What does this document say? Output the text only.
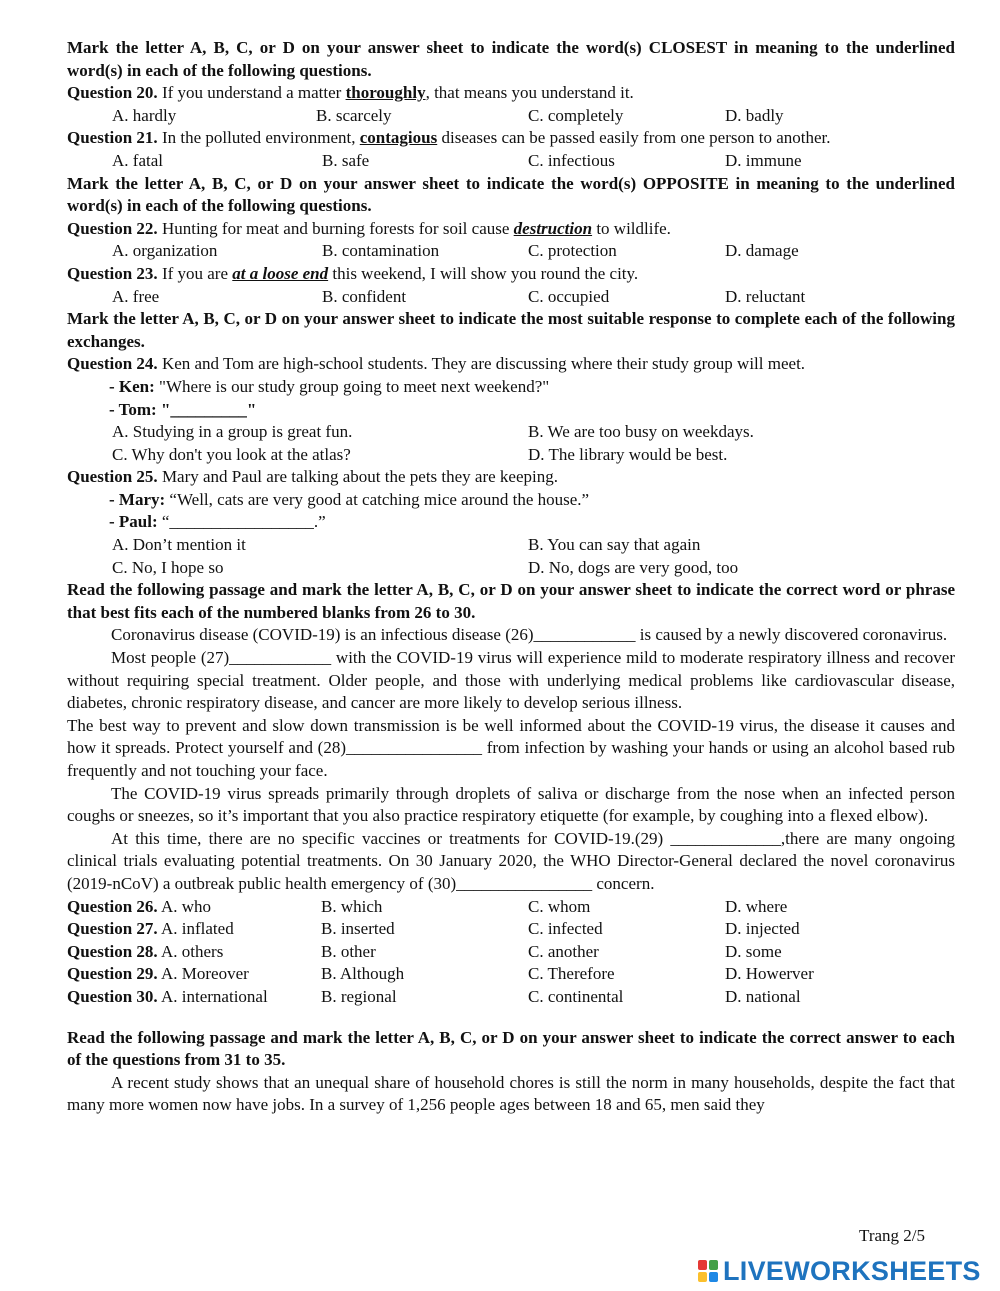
Mark the letter A, B, C, or D on your answer sheet to indicate the word(s) CLOSEST in meaning to the underlined word(s) in each of the following questions.
Question 20. If you understand a matter thoroughly, that means you understand it.
A. hardly	B. scarcely	C. completely	D. badly
Question 21. In the polluted environment, contagious diseases can be passed easily from one person to another.
A. fatal	B. safe	C. infectious	D. immune
Mark the letter A, B, C, or D on your answer sheet to indicate the word(s) OPPOSITE in meaning to the underlined word(s) in each of the following questions.
Question 22. Hunting for meat and burning forests for soil cause destruction to wildlife.
A. organization	B. contamination	C. protection	D. damage
Question 23. If you are at a loose end this weekend, I will show you round the city.
A. free	B. confident	C. occupied	D. reluctant
Mark the letter A, B, C, or D on your answer sheet to indicate the most suitable response to complete each of the following exchanges.
Question 24. Ken and Tom are high-school students. They are discussing where their study group will meet.
- Ken: "Where is our study group going to meet next weekend?"
- Tom: "_________"
A. Studying in a group is great fun.	B. We are too busy on weekdays.
C. Why don't you look at the atlas?	D. The library would be best.
Question 25. Mary and Paul are talking about the pets they are keeping.
- Mary: “Well, cats are very good at catching mice around the house.”
- Paul: “_________________.”
A. Don’t mention it	B. You can say that again
C. No, I hope so	D. No, dogs are very good, too
Read the following passage and mark the letter A, B, C, or D on your answer sheet to indicate the correct word or phrase that best fits each of the numbered blanks from 26 to 30.
Coronavirus disease (COVID-19) is an infectious disease (26)____________ is caused by a newly discovered coronavirus.
Most people (27)____________ with the COVID-19 virus will experience mild to moderate respiratory illness and recover without requiring special treatment. Older people, and those with underlying medical problems like cardiovascular disease, diabetes, chronic respiratory disease, and cancer are more likely to develop serious illness.
The best way to prevent and slow down transmission is be well informed about the COVID-19 virus, the disease it causes and how it spreads. Protect yourself and (28)________________ from infection by washing your hands or using an alcohol based rub frequently and not touching your face.
The COVID-19 virus spreads primarily through droplets of saliva or discharge from the nose when an infected person coughs or sneezes, so it’s important that you also practice respiratory etiquette (for example, by coughing into a flexed elbow).
At this time, there are no specific vaccines or treatments for COVID-19.(29) _____________,there are many ongoing clinical trials evaluating potential treatments. On 30 January 2020, the WHO Director-General declared the novel coronavirus (2019-nCoV) a outbreak public health emergency of (30)________________ concern.
Question 26. A. who	B. which	C. whom	D. where
Question 27. A. inflated	B. inserted	C. infected	D. injected
Question 28. A. others	B. other	C. another	D. some
Question 29. A. Moreover	B. Although	C. Therefore	D. Howerver
Question 30. A. international	B. regional	C. continental	D. national
Read the following passage and mark the letter A, B, C, or D on your answer sheet to indicate the correct answer to each of the questions from 31 to 35.
A recent study shows that an unequal share of household chores is still the norm in many households, despite the fact that many more women now have jobs. In a survey of 1,256 people ages between 18 and 65, men said they
Trang 2/5
LIVEWORKSHEETS
